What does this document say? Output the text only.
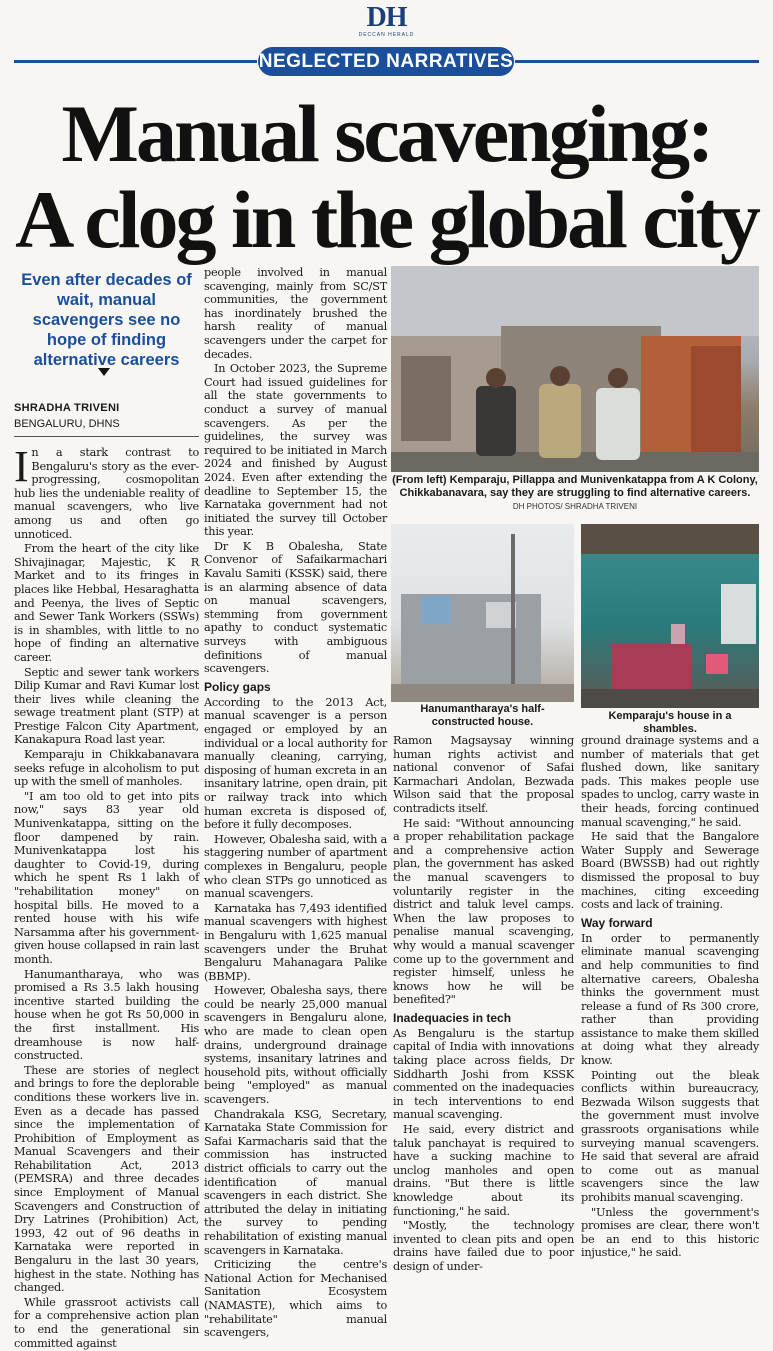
DH
DECCAN HERALD
NEGLECTED NARRATIVES
Manual scavenging:
A clog in the global city
Even after decades of wait, manual scavengers see no hope of finding alternative careers
SHRADHA TRIVENI
BENGALURU, DHNS

In a stark contrast to Bengaluru's story as the ever-progressing, cosmopolitan hub lies the undeniable reality of manual scavengers, who live among us and often go unnoticed.

From the heart of the city like Shivajinagar, Majestic, K R Market and to its fringes in places like Hebbal, Hesaraghatta and Peenya, the lives of Septic and Sewer Tank Workers (SSWs) is in shambles, with little to no hope of finding an alternative career.

Septic and sewer tank workers Dilip Kumar and Ravi Kumar lost their lives while cleaning the sewage treatment plant (STP) at Prestige Falcon City Apartment, Kanakapura Road last year.

Kemparaju in Chikkabanavara seeks refuge in alcoholism to put up with the smell of manholes.

"I am too old to get into pits now," says 83 year old Munivenkatappa, sitting on the floor dampened by rain. Munivenkatappa lost his daughter to Covid-19, during which he spent Rs 1 lakh of "rehabilitation money" on hospital bills. He moved to a rented house with his wife Narsamma after his government-given house collapsed in rain last month.

Hanumantharaya, who was promised a Rs 3.5 lakh housing incentive started building the house when he got Rs 50,000 in the first installment. His dreamhouse is now half-constructed.

These are stories of neglect and brings to fore the deplorable conditions these workers live in. Even as a decade has passed since the implementation of Prohibition of Employment as Manual Scavengers and their Rehabilitation Act, 2013 (PEMSRA) and three decades since Employment of Manual Scavengers and Construction of Dry Latrines (Prohibition) Act, 1993, 42 out of 96 deaths in Karnataka were reported in Bengaluru in the last 30 years, highest in the state. Nothing has changed.

While grassroot activists call for a comprehensive action plan to end the generational sin committed against

people involved in manual scavenging, mainly from SC/ST communities, the government has inordinately brushed the harsh reality of manual scavengers under the carpet for decades.

In October 2023, the Supreme Court had issued guidelines for all the state governments to conduct a survey of manual scavengers. As per the guidelines, the survey was required to be initiated in March 2024 and finished by August 2024. Even after extending the deadline to September 15, the Karnataka government had not initiated the survey till October this year.

Dr K B Obalesha, State Convenor of Safaikarmachari Kavalu Samiti (KSSK) said, there is an alarming absence of data on manual scavengers, stemming from government apathy to conduct systematic surveys with ambiguous definitions of manual scavengers.

Policy gaps

According to the 2013 Act, manual scavenger is a person engaged or employed by an individual or a local authority for manually cleaning, carrying, disposing of human excreta in an insanitary latrine, open drain, pit or railway track into which human excreta is disposed of, before it fully decomposes.

However, Obalesha said, with a staggering number of apartment complexes in Bengaluru, people who clean STPs go unnoticed as manual scavengers.

Karnataka has 7,493 identified manual scavengers with highest in Bengaluru with 1,625 manual scavengers under the Bruhat Bengaluru Mahanagara Palike (BBMP).

However, Obalesha says, there could be nearly 25,000 manual scavengers in Bengaluru alone, who are made to clean open drains, underground drainage systems, insanitary latrines and household pits, without officially being "employed" as manual scavengers.

Chandrakala KSG, Secretary, Karnataka State Commission for Safai Karmacharis said that the commission has instructed district officials to carry out the identification of manual scavengers in each district. She attributed the delay in initiating the survey to pending rehabilitation of existing manual scavengers in Karnataka.

Criticizing the centre's National Action for Mechanised Sanitation Ecosystem (NAMASTE), which aims to "rehabilitate" manual scavengers,

(From left) Kemparaju, Pillappa and Munivenkatappa from A K Colony, Chikkabanavara, say they are struggling to find alternative careers.
DH PHOTOS/ SHRADHA TRIVENI
Hanumantharaya's half-constructed house.	Kemparaju's house in a shambles.

Ramon Magsaysay winning human rights activist and national convenor of Safai Karmachari Andolan, Bezwada Wilson said that the proposal contradicts itself.

He said: "Without announcing a proper rehabilitation package and a comprehensive action plan, the government has asked the manual scavengers to voluntarily register in the district and taluk level camps. When the law proposes to penalise manual scavenging, why would a manual scavenger come up to the government and register himself, unless he knows how he will be benefited?"

Inadequacies in tech

As Bengaluru is the startup capital of India with innovations taking place across fields, Dr Siddharth Joshi from KSSK commented on the inadequacies in tech interventions to end manual scavenging.

He said, every district and taluk panchayat is required to have a sucking machine to unclog manholes and open drains. "But there is little knowledge about its functioning," he said.

"Mostly, the technology invented to clean pits and open drains have failed due to poor design of under-

ground drainage systems and a number of materials that get flushed down, like sanitary pads. This makes people use spades to unclog, carry waste in their heads, forcing continued manual scavenging," he said.

He said that the Bangalore Water Supply and Sewerage Board (BWSSB) had out rightly dismissed the proposal to buy machines, citing exceeding costs and lack of training.

Way forward

In order to permanently eliminate manual scavenging and help communities to find alternative careers, Obalesha thinks the government must release a fund of Rs 300 crore, rather than providing assistance to make them skilled at doing what they already know.

Pointing out the bleak conflicts within bureaucracy, Bezwada Wilson suggests that the government must involve grassroots organisations while surveying manual scavengers. He said that several are afraid to come out as manual scavengers since the law prohibits manual scavenging.

"Unless the government's promises are clear, there won't be an end to this historic injustice," he said.
